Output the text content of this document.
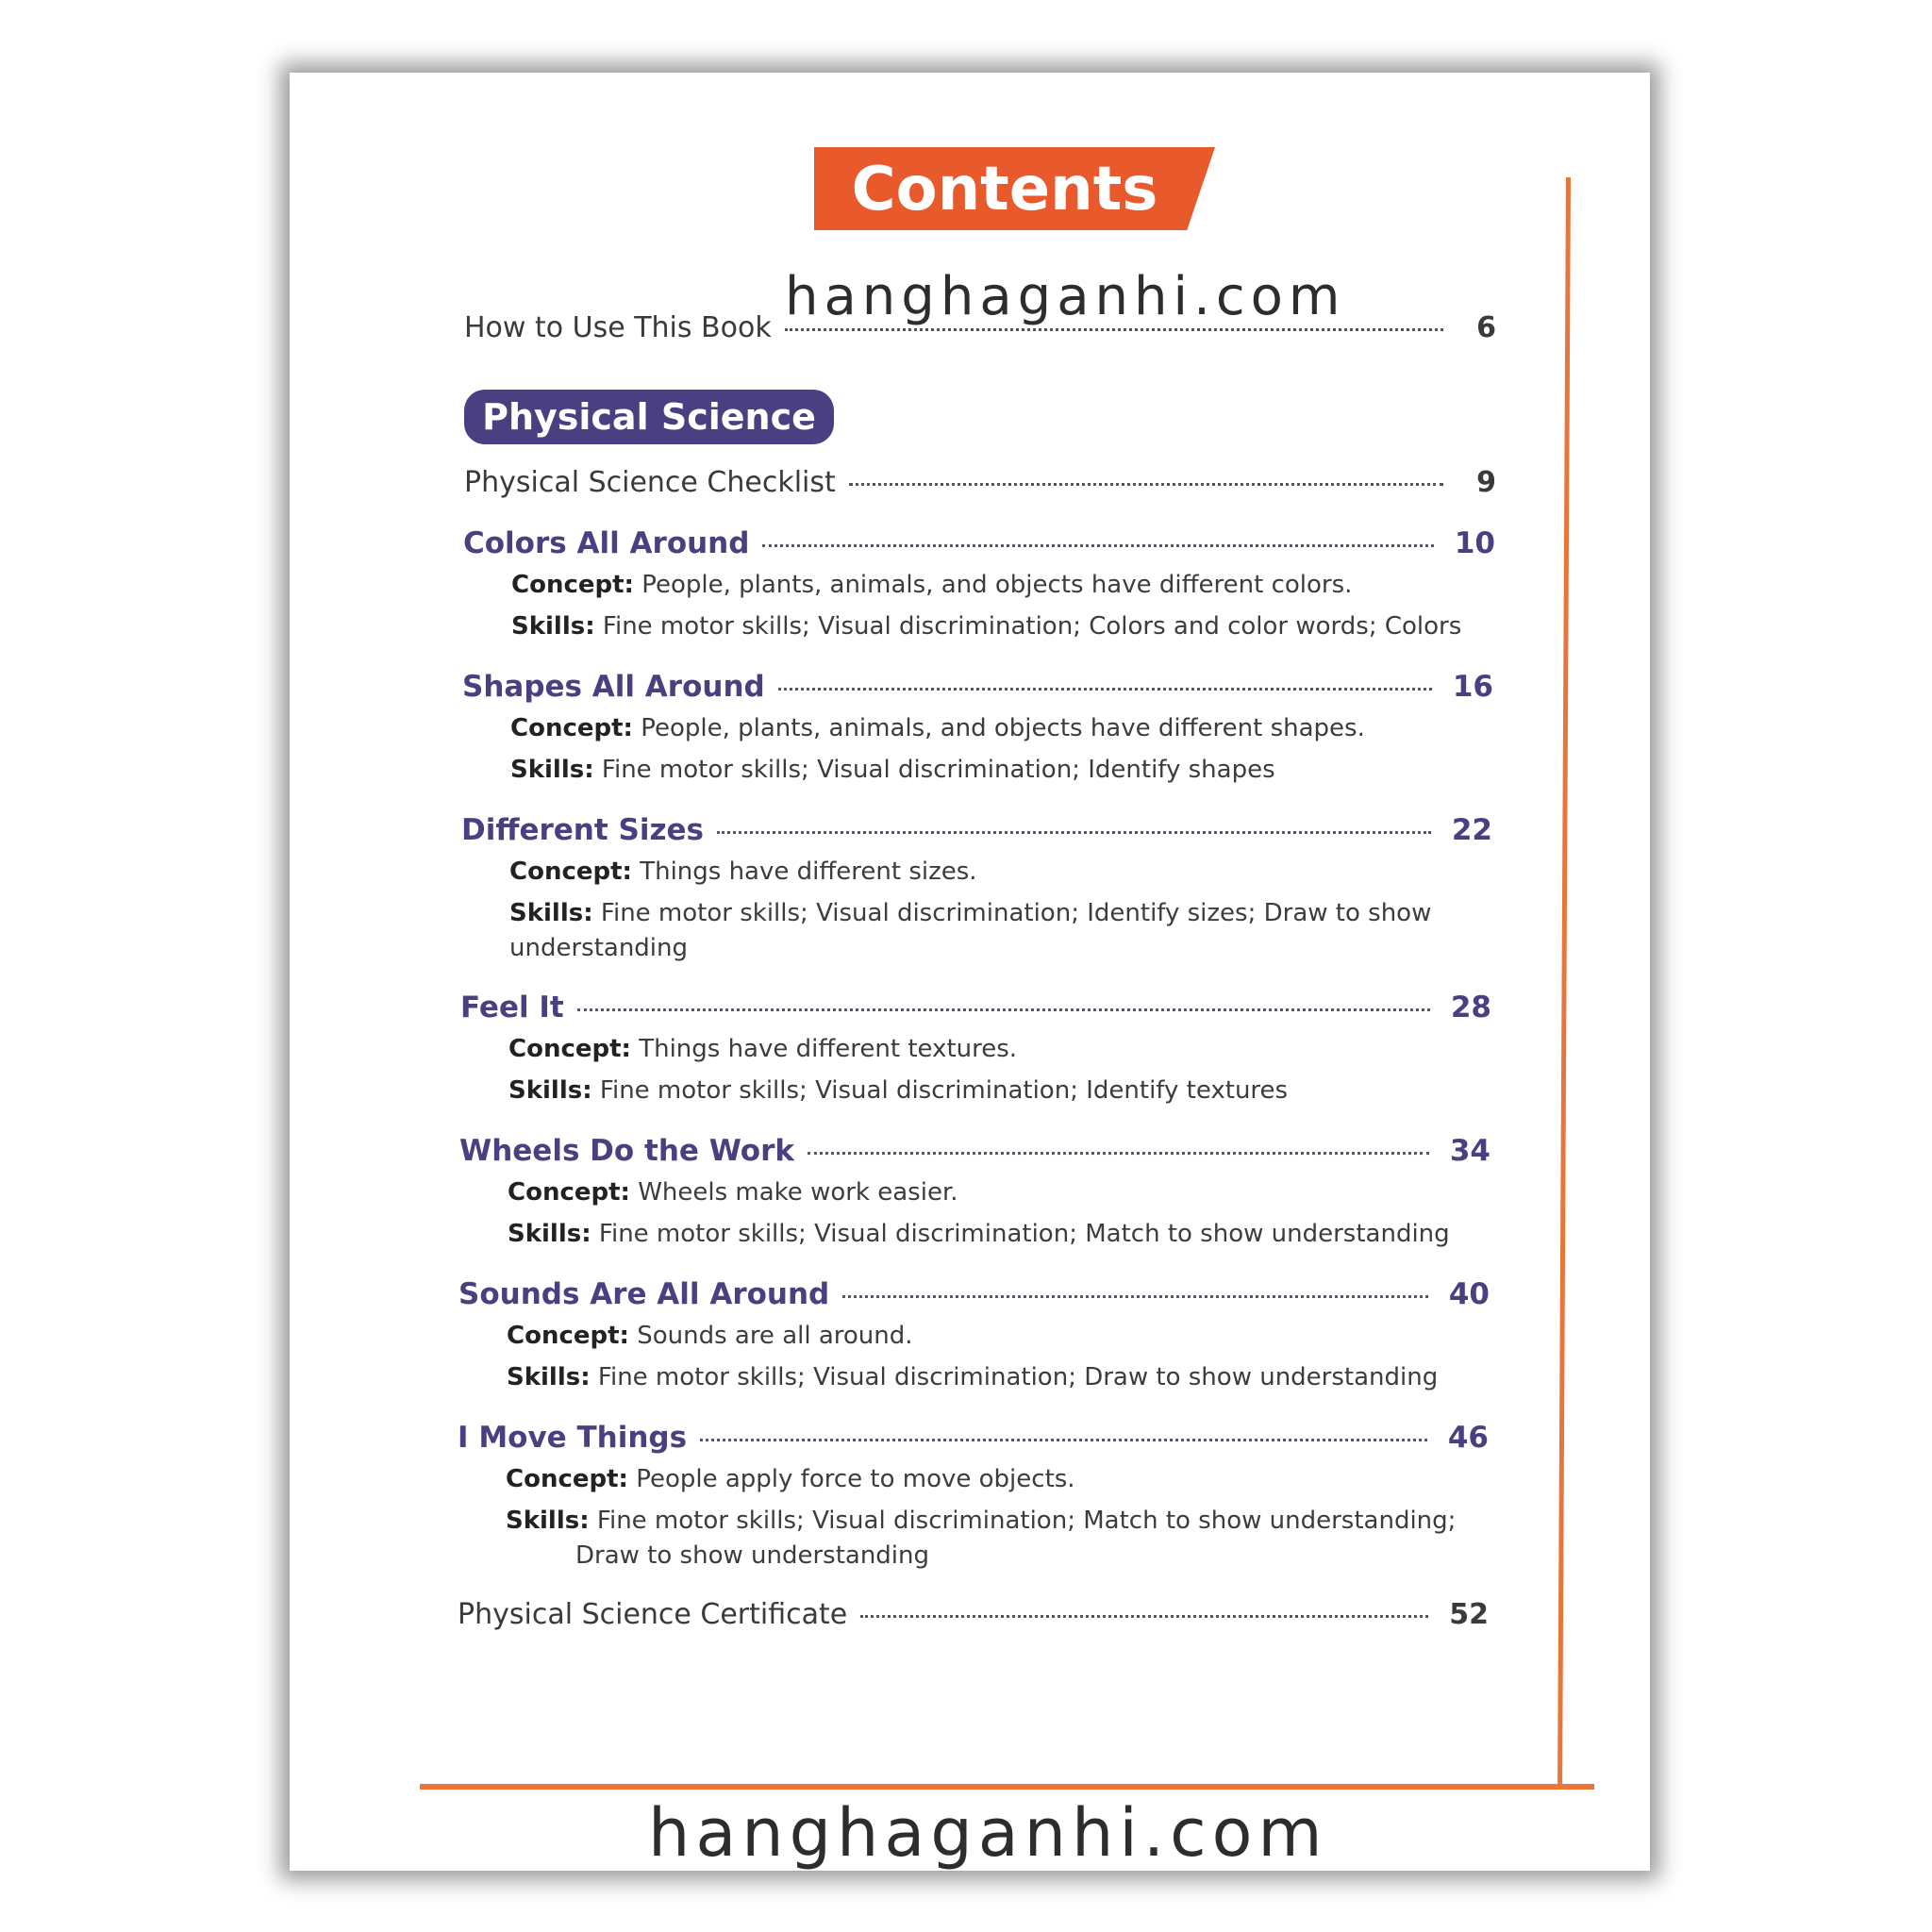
Contents
hanghaganhi.com
How to Use This Book	6
Physical Science
Physical Science Checklist	9
Colors All Around	10
Concept: People, plants, animals, and objects have different colors.
Skills: Fine motor skills; Visual discrimination; Colors and color words; Colors
Shapes All Around	16
Concept: People, plants, animals, and objects have different shapes.
Skills: Fine motor skills; Visual discrimination; Identify shapes
Different Sizes	22
Concept: Things have different sizes.
Skills: Fine motor skills; Visual discrimination; Identify sizes; Draw to show
understanding
Feel It	28
Concept: Things have different textures.
Skills: Fine motor skills; Visual discrimination; Identify textures
Wheels Do the Work	34
Concept: Wheels make work easier.
Skills: Fine motor skills; Visual discrimination; Match to show understanding
Sounds Are All Around	40
Concept: Sounds are all around.
Skills: Fine motor skills; Visual discrimination; Draw to show understanding
I Move Things	46
Concept: People apply force to move objects.
Skills: Fine motor skills; Visual discrimination; Match to show understanding;
Draw to show understanding
Physical Science Certificate	52
hanghaganhi.com
